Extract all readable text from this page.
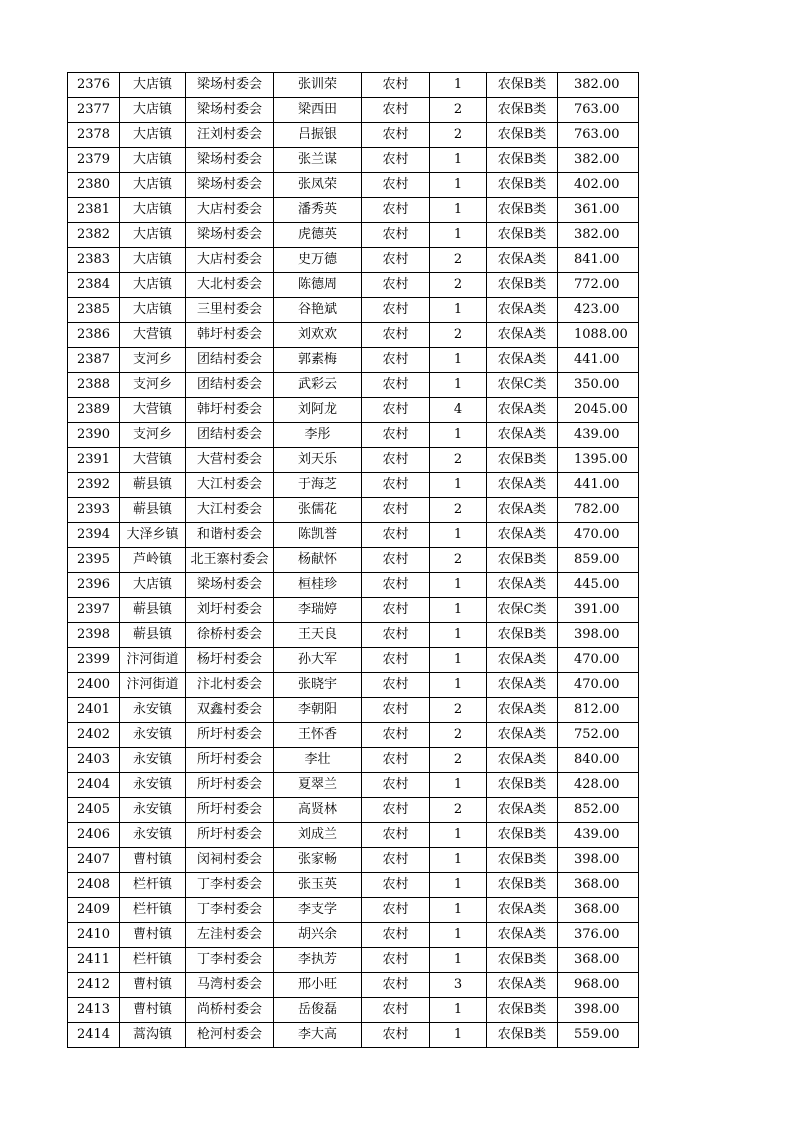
2376	大店镇	梁场村委会	张训荣	农村	1	农保B类	382.00
2377	大店镇	梁场村委会	梁西田	农村	2	农保B类	763.00
2378	大店镇	汪刘村委会	吕振银	农村	2	农保B类	763.00
2379	大店镇	梁场村委会	张兰谋	农村	1	农保B类	382.00
2380	大店镇	梁场村委会	张凤荣	农村	1	农保B类	402.00
2381	大店镇	大店村委会	潘秀英	农村	1	农保B类	361.00
2382	大店镇	梁场村委会	虎德英	农村	1	农保B类	382.00
2383	大店镇	大店村委会	史万德	农村	2	农保A类	841.00
2384	大店镇	大北村委会	陈德周	农村	2	农保B类	772.00
2385	大店镇	三里村委会	谷艳斌	农村	1	农保A类	423.00
2386	大营镇	韩圩村委会	刘欢欢	农村	2	农保A类	1088.00
2387	支河乡	团结村委会	郭素梅	农村	1	农保A类	441.00
2388	支河乡	团结村委会	武彩云	农村	1	农保C类	350.00
2389	大营镇	韩圩村委会	刘阿龙	农村	4	农保A类	2045.00
2390	支河乡	团结村委会	李彤	农村	1	农保A类	439.00
2391	大营镇	大营村委会	刘天乐	农村	2	农保B类	1395.00
2392	蕲县镇	大江村委会	于海芝	农村	1	农保A类	441.00
2393	蕲县镇	大江村委会	张儒花	农村	2	农保A类	782.00
2394	大泽乡镇	和谐村委会	陈凯誉	农村	1	农保A类	470.00
2395	芦岭镇	北王寨村委会	杨献怀	农村	2	农保B类	859.00
2396	大店镇	梁场村委会	桓桂珍	农村	1	农保A类	445.00
2397	蕲县镇	刘圩村委会	李瑞婷	农村	1	农保C类	391.00
2398	蕲县镇	徐桥村委会	王天良	农村	1	农保B类	398.00
2399	汴河街道	杨圩村委会	孙大军	农村	1	农保A类	470.00
2400	汴河街道	汴北村委会	张晓宇	农村	1	农保A类	470.00
2401	永安镇	双鑫村委会	李朝阳	农村	2	农保A类	812.00
2402	永安镇	所圩村委会	王怀香	农村	2	农保A类	752.00
2403	永安镇	所圩村委会	李壮	农村	2	农保A类	840.00
2404	永安镇	所圩村委会	夏翠兰	农村	1	农保B类	428.00
2405	永安镇	所圩村委会	高贤林	农村	2	农保A类	852.00
2406	永安镇	所圩村委会	刘成兰	农村	1	农保B类	439.00
2407	曹村镇	闵祠村委会	张家畅	农村	1	农保B类	398.00
2408	栏杆镇	丁李村委会	张玉英	农村	1	农保B类	368.00
2409	栏杆镇	丁李村委会	李支学	农村	1	农保A类	368.00
2410	曹村镇	左洼村委会	胡兴余	农村	1	农保A类	376.00
2411	栏杆镇	丁李村委会	李执芳	农村	1	农保B类	368.00
2412	曹村镇	马湾村委会	邢小旺	农村	3	农保A类	968.00
2413	曹村镇	尚桥村委会	岳俊磊	农村	1	农保B类	398.00
2414	蒿沟镇	枪河村委会	李大高	农村	1	农保B类	559.00
